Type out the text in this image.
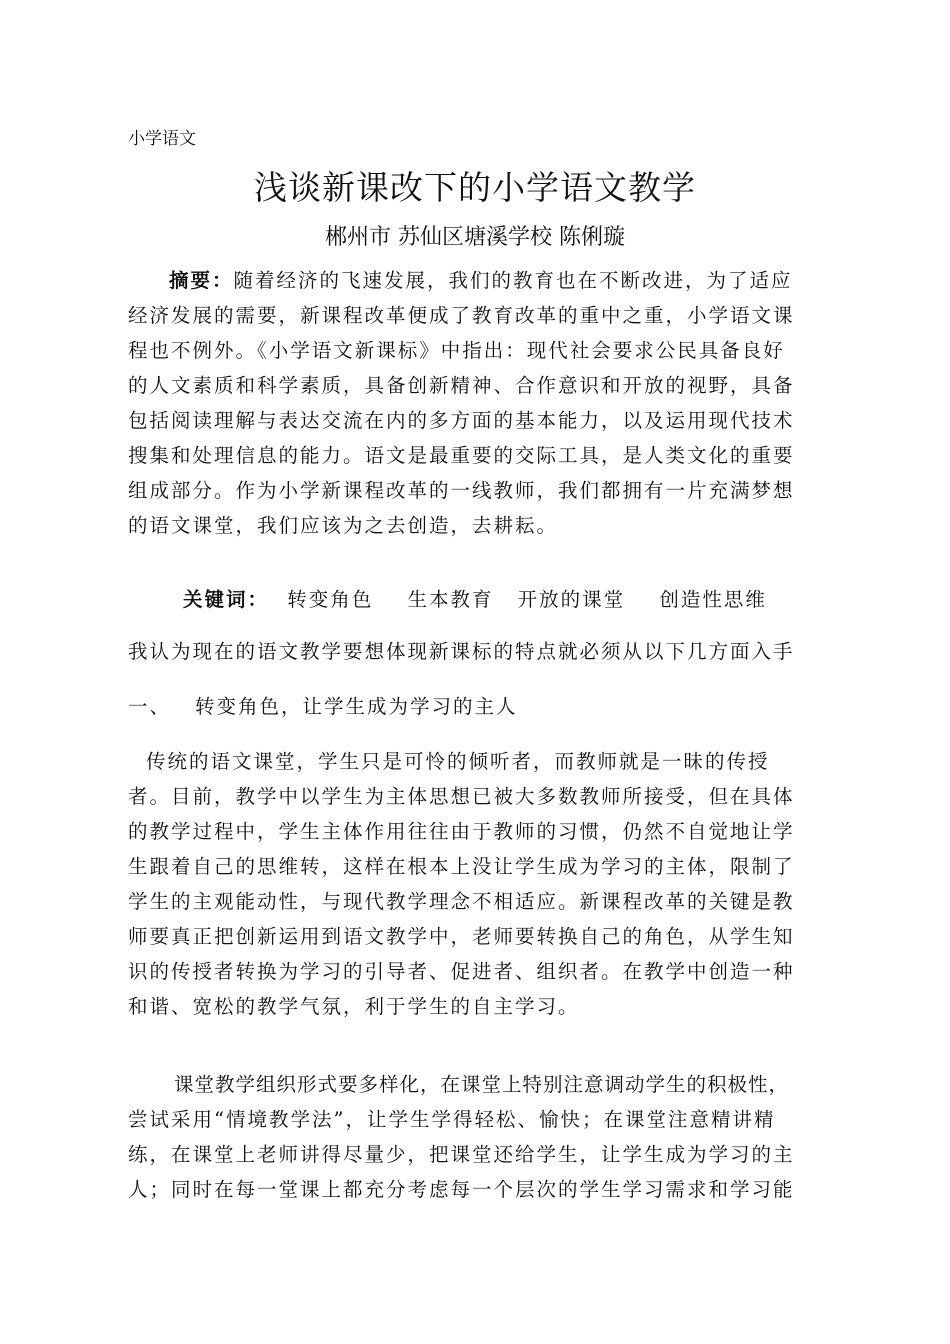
小学语文
浅谈新课改下的小学语文教学
郴州市 苏仙区塘溪学校 陈俐璇
摘要：随着经济的飞速发展，我们的教育也在不断改进，为了适应
经济发展的需要，新课程改革便成了教育改革的重中之重，小学语文课
程也不例外。《小学语文新课标》中指出：现代社会要求公民具备良好
的人文素质和科学素质，具备创新精神、合作意识和开放的视野，具备
包括阅读理解与表达交流在内的多方面的基本能力，以及运用现代技术
搜集和处理信息的能力。语文是最重要的交际工具，是人类文化的重要
组成部分。作为小学新课程改革的一线教师，我们都拥有一片充满梦想
的语文课堂，我们应该为之去创造，去耕耘。
关键词： 转变角色 生本教育 开放的课堂 创造性思维
我认为现在的语文教学要想体现新课标的特点就必须从以下几方面入手
一、 转变角色，让学生成为学习的主人
传统的语文课堂，学生只是可怜的倾听者，而教师就是一昧的传授
者。目前，教学中以学生为主体思想已被大多数教师所接受，但在具体
的教学过程中，学生主体作用往往由于教师的习惯，仍然不自觉地让学
生跟着自己的思维转，这样在根本上没让学生成为学习的主体，限制了
学生的主观能动性，与现代教学理念不相适应。新课程改革的关键是教
师要真正把创新运用到语文教学中，老师要转换自己的角色，从学生知
识的传授者转换为学习的引导者、促进者、组织者。在教学中创造一种
和谐、宽松的教学气氛，利于学生的自主学习。
课堂教学组织形式要多样化，在课堂上特别注意调动学生的积极性，
尝试采用“情境教学法”，让学生学得轻松、愉快；在课堂注意精讲精
练，在课堂上老师讲得尽量少，把课堂还给学生，让学生成为学习的主
人；同时在每一堂课上都充分考虑每一个层次的学生学习需求和学习能
